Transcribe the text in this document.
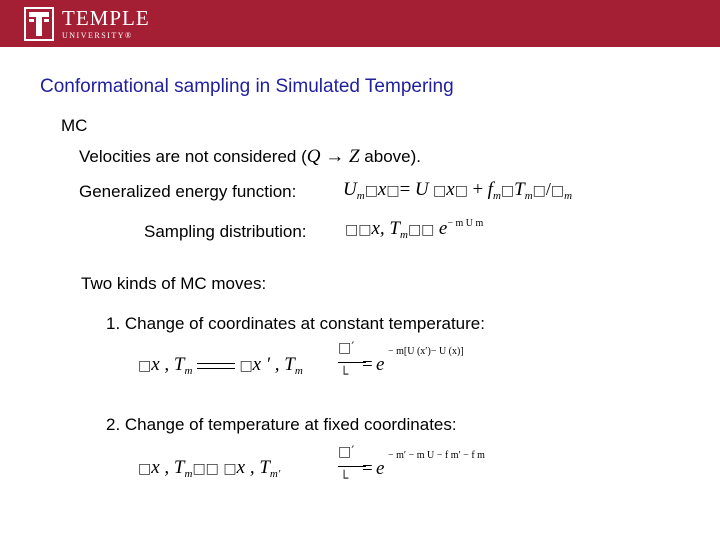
TEMPLE
UNIVERSITY®
Conformational sampling in Simulated Tempering
MC
Velocities are not considered (Q → Z above).
Generalized energy function: $U_m□x□= U$ □x□ + $f_m□T_m□/□_m$
Sampling distribution:	□□x, $T_m□□$ $e^{- m U m}$
Two kinds of MC moves:
1. Change of coordinates at constant temperature:
□x , $T_m$	□x ′ , $T_m$
□′
└ = e
− m[U (x′)− U (x)]
2. Change of temperature at fixed coordinates:
□x , $T_m□□$ □x , $T_{m'}$
□′
└ = e
− m′ − m U − f m′ − f m
